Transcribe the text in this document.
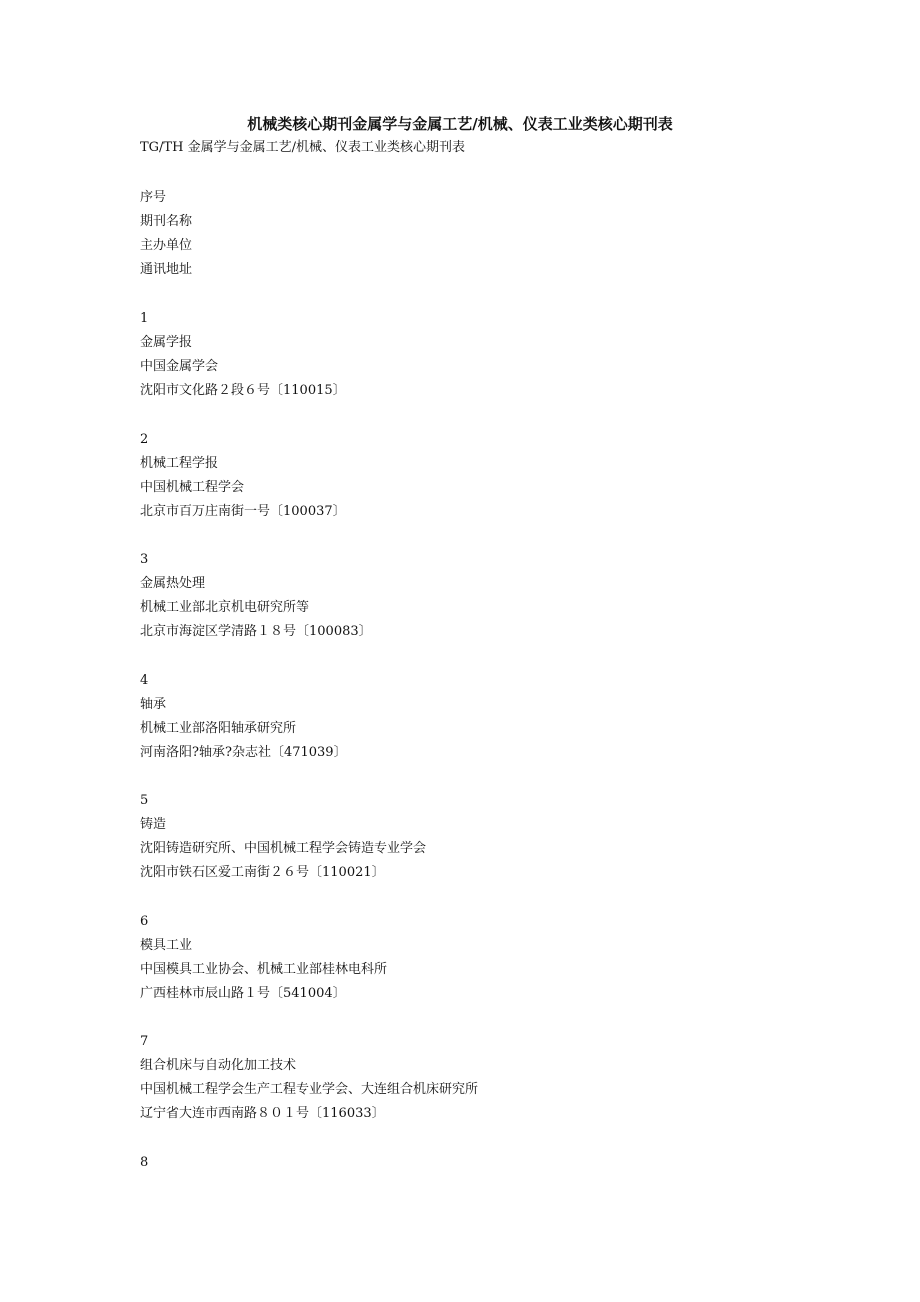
机械类核心期刊金属学与金属工艺/机械、仪表工业类核心期刊表
TG/TH 金属学与金属工艺/机械、仪表工业类核心期刊表
序号
期刊名称
主办单位
通讯地址
1
金属学报
中国金属学会
沈阳市文化路２段６号〔110015〕
2
机械工程学报
中国机械工程学会
北京市百万庄南街一号〔100037〕
3
金属热处理
机械工业部北京机电研究所等
北京市海淀区学清路１８号〔100083〕
4
轴承
机械工业部洛阳轴承研究所
河南洛阳?轴承?杂志社〔471039〕
5
铸造
沈阳铸造研究所、中国机械工程学会铸造专业学会
沈阳市铁石区爱工南街２６号〔110021〕
6
模具工业
中国模具工业协会、机械工业部桂林电科所
广西桂林市辰山路１号〔541004〕
7
组合机床与自动化加工技术
中国机械工程学会生产工程专业学会、大连组合机床研究所
辽宁省大连市西南路８０１号〔116033〕
8
